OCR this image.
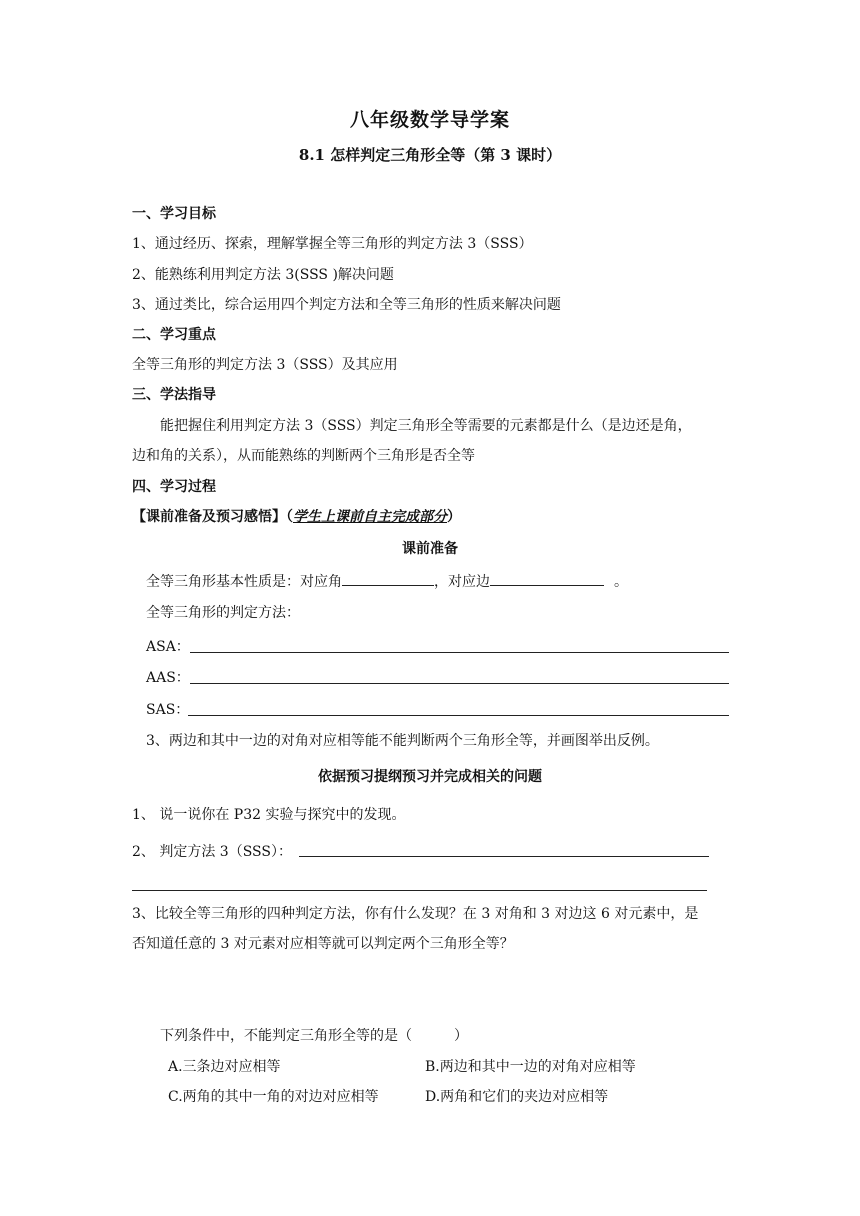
八年级数学导学案
8.1 怎样判定三角形全等（第 3 课时）
一、学习目标
1、通过经历、探索，理解掌握全等三角形的判定方法 3（SSS）
2、能熟练利用判定方法 3(SSS )解决问题
3、通过类比，综合运用四个判定方法和全等三角形的性质来解决问题
二、学习重点
全等三角形的判定方法 3（SSS）及其应用
三、学法指导
能把握住利用判定方法 3（SSS）判定三角形全等需要的元素都是什么（是边还是角，
边和角的关系），从而能熟练的判断两个三角形是否全等
四、学习过程
【课前准备及预习感悟】（学生上课前自主完成部分）
课前准备
全等三角形基本性质是：对应角	，对应边	。
全等三角形的判定方法：
ASA：
AAS：
SAS：
3、两边和其中一边的对角对应相等能不能判断两个三角形全等，并画图举出反例。
依据预习提纲预习并完成相关的问题
1、 说一说你在 P32 实验与探究中的发现。
2、 判定方法 3（SSS）：
3、比较全等三角形的四种判定方法，你有什么发现？在 3 对角和 3 对边这 6 对元素中，是
否知道任意的 3 对元素对应相等就可以判定两个三角形全等？
下列条件中，不能判定三角形全等的是（　　　）
A.三条边对应相等	B.两边和其中一边的对角对应相等
C.两角的其中一角的对边对应相等	D.两角和它们的夹边对应相等
